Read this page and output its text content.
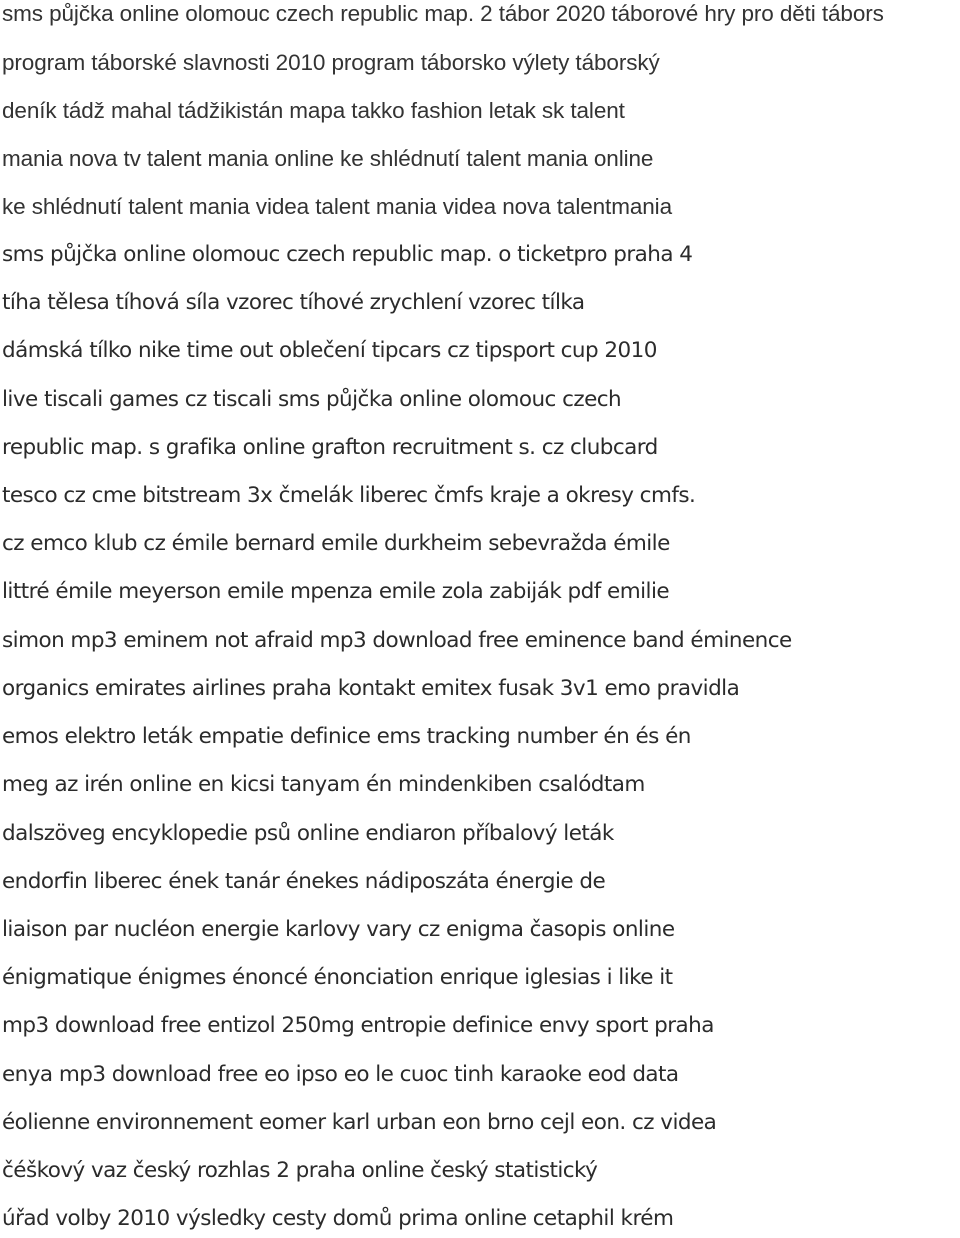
sms půjčka online olomouc czech republic map. 2 tábor 2020 táborové hry pro děti tábors
program táborské slavnosti 2010 program táborsko výlety táborský
deník tádž mahal tádžikistán mapa takko fashion letak sk talent
mania nova tv talent mania online ke shlédnutí talent mania online
ke shlédnutí talent mania videa talent mania videa nova talentmania
sms půjčka online olomouc czech republic map. o ticketpro praha 4
tíha tělesa tíhová síla vzorec tíhové zrychlení vzorec tílka
dámská tílko nike time out oblečení tipcars cz tipsport cup 2010
live tiscali games cz tiscali sms půjčka online olomouc czech
republic map. s grafika online grafton recruitment s. cz clubcard
tesco cz cme bitstream 3x čmelák liberec čmfs kraje a okresy cmfs.
cz emco klub cz émile bernard emile durkheim sebevražda émile
littré émile meyerson emile mpenza emile zola zabiják pdf emilie
simon mp3 eminem not afraid mp3 download free eminence band éminence
organics emirates airlines praha kontakt emitex fusak 3v1 emo pravidla
emos elektro leták empatie definice ems tracking number én és én
meg az irén online en kicsi tanyam én mindenkiben csalódtam
dalszöveg encyklopedie psů online endiaron příbalový leták
endorfin liberec ének tanár énekes nádiposzáta énergie de
liaison par nucléon energie karlovy vary cz enigma časopis online
énigmatique énigmes énoncé énonciation enrique iglesias i like it
mp3 download free entizol 250mg entropie definice envy sport praha
enya mp3 download free eo ipso eo le cuoc tinh karaoke eod data
éolienne environnement eomer karl urban eon brno cejl eon. cz videa
čéškový vaz český rozhlas 2 praha online český statistický
úřad volby 2010 výsledky cesty domů prima online cetaphil krém
